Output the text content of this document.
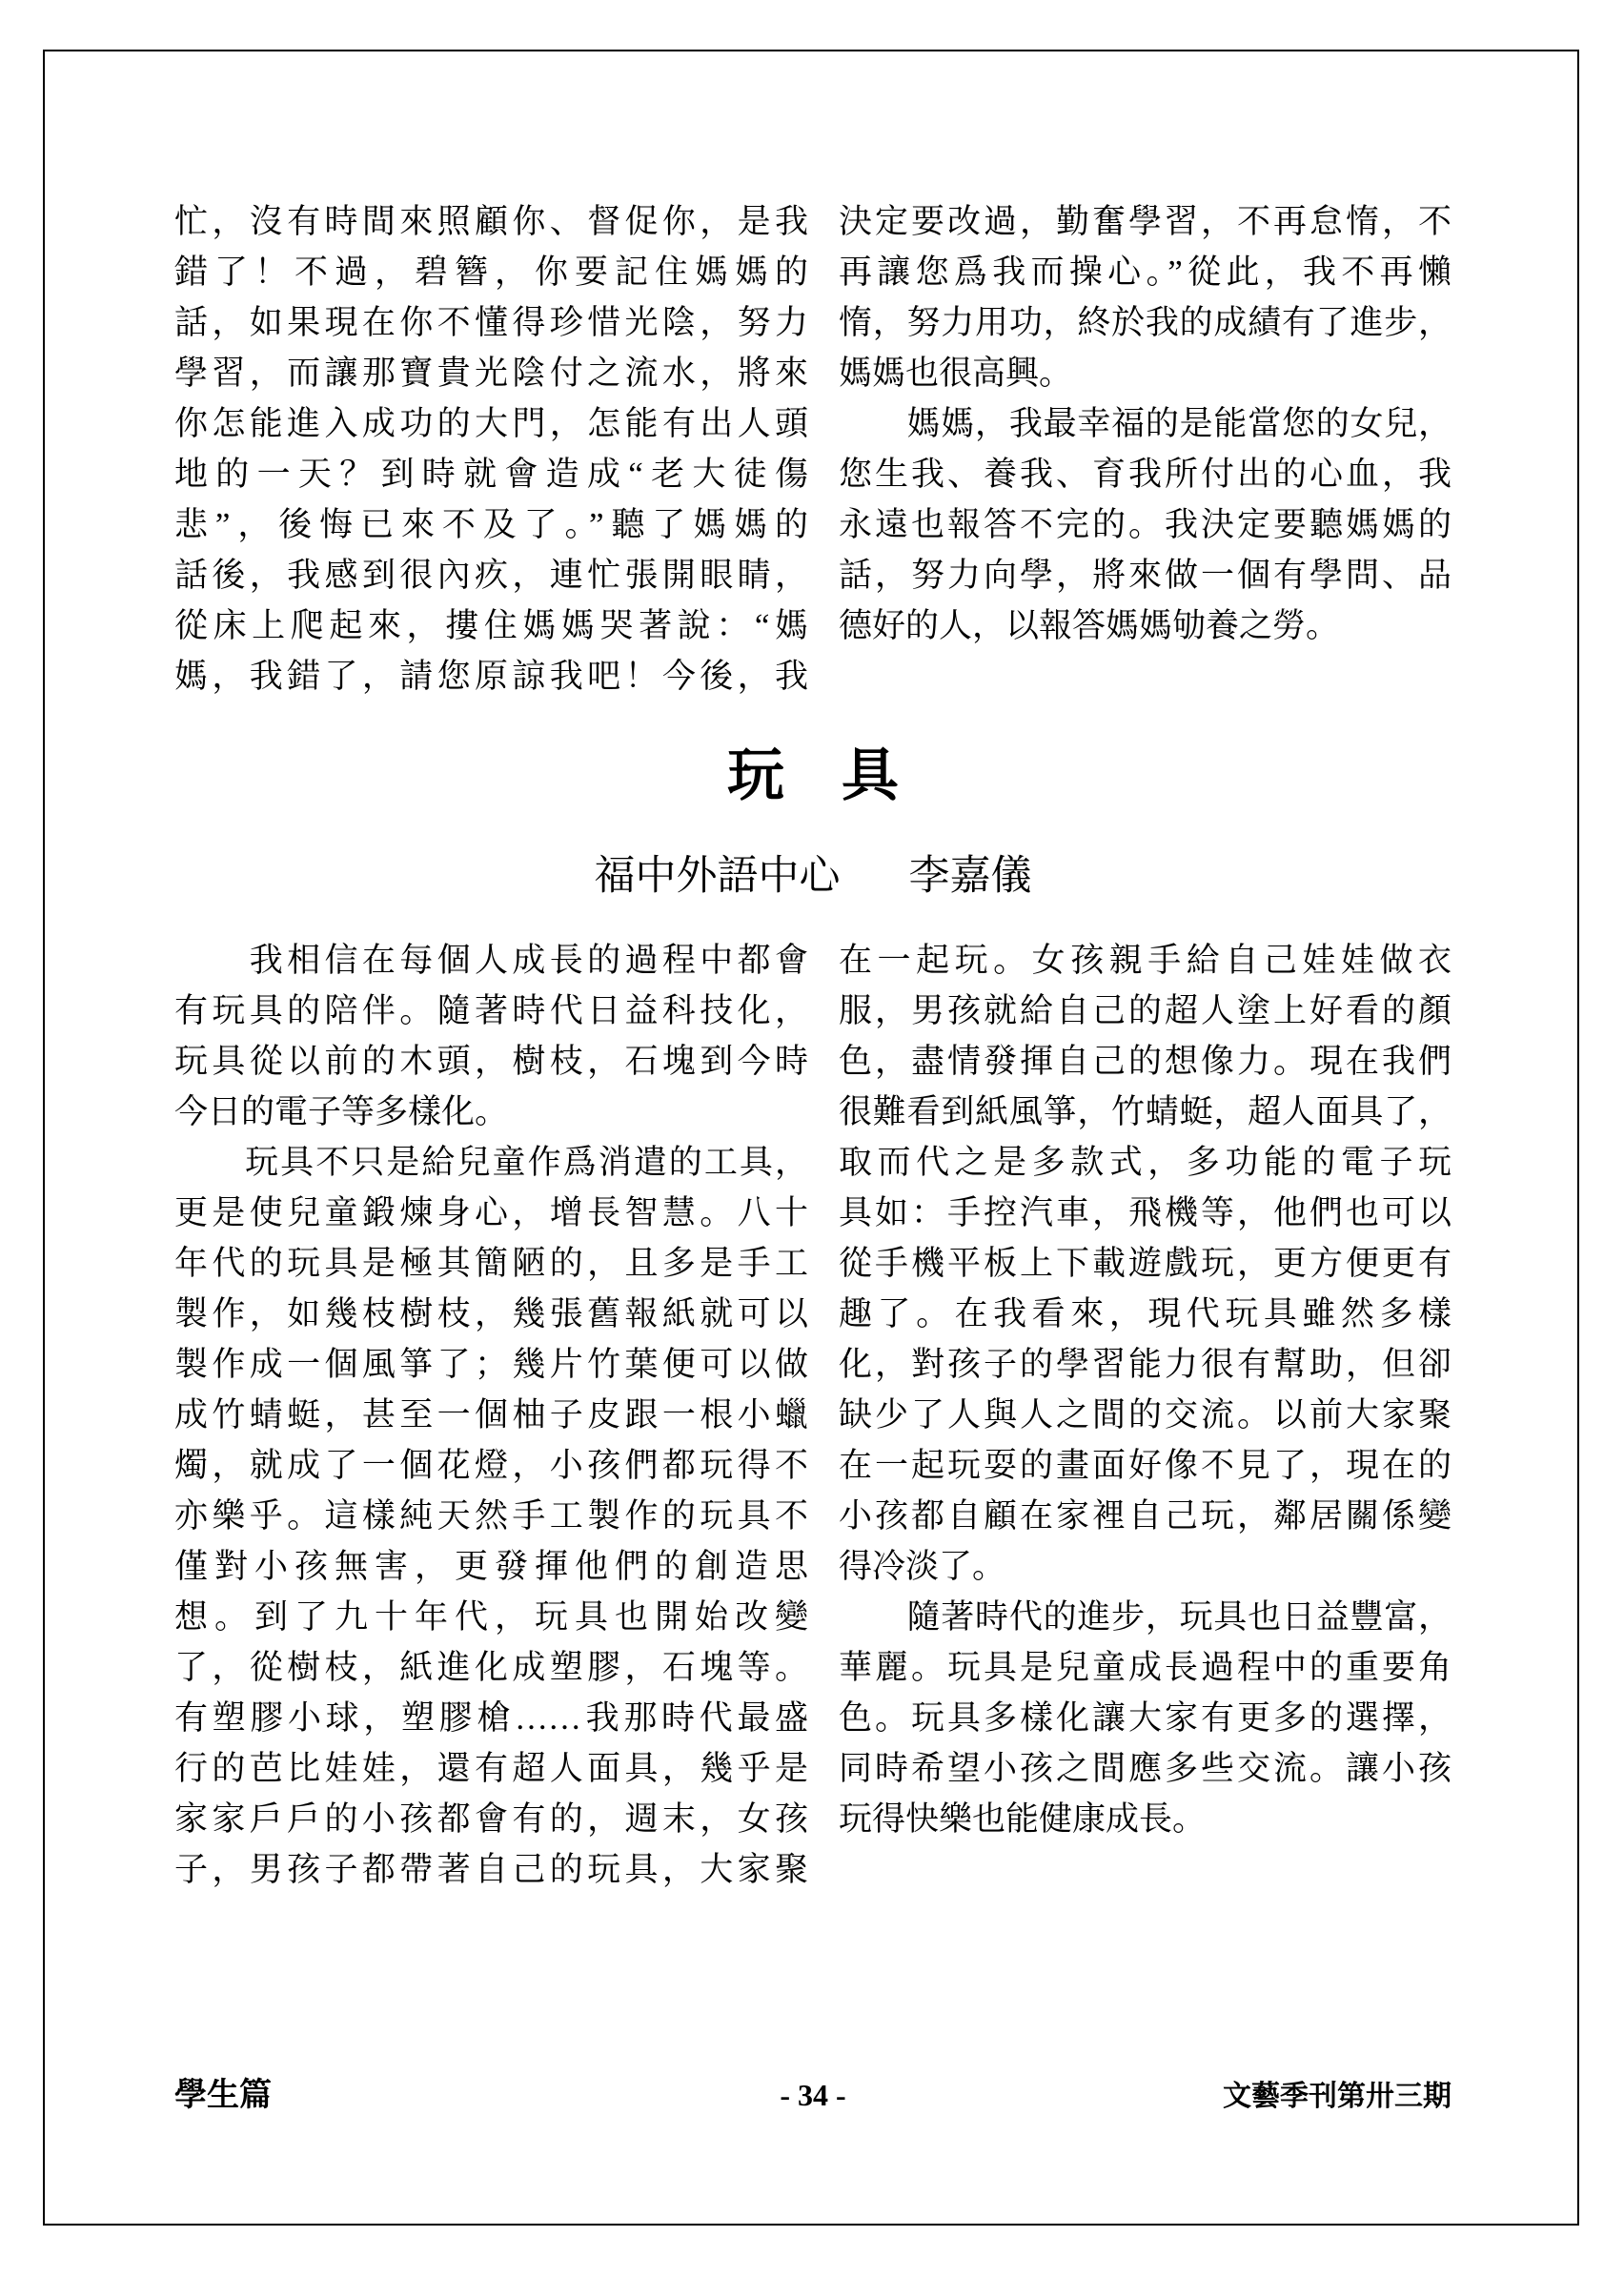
忙，沒有時間來照顧你、督促你，是我
錯了！不過，碧簪，你要記住媽媽的
話，如果現在你不懂得珍惜光陰，努力
學習，而讓那寶貴光陰付之流水，將來
你怎能進入成功的大門，怎能有出人頭
地的一天？到時就會造成“老大徒傷
悲”，後悔已來不及了。”聽了媽媽的
話後，我感到很內疚，連忙張開眼睛，
從床上爬起來，摟住媽媽哭著說：“媽
媽，我錯了，請您原諒我吧！今後，我
決定要改過，勤奮學習，不再怠惰，不
再讓您爲我而操心。”從此，我不再懶
惰，努力用功，終於我的成績有了進步，
媽媽也很高興。
　　媽媽，我最幸福的是能當您的女兒，
您生我、養我、育我所付出的心血，我
永遠也報答不完的。我決定要聽媽媽的
話，努力向學，將來做一個有學問、品
德好的人，以報答媽媽劬養之勞。
玩　具
福中外語中心 李嘉儀
　　我相信在每個人成長的過程中都會
有玩具的陪伴。隨著時代日益科技化，
玩具從以前的木頭，樹枝，石塊到今時
今日的電子等多樣化。
　　玩具不只是給兒童作爲消遣的工具，
更是使兒童鍛煉身心，增長智慧。八十
年代的玩具是極其簡陋的，且多是手工
製作，如幾枝樹枝，幾張舊報紙就可以
製作成一個風箏了；幾片竹葉便可以做
成竹蜻蜓，甚至一個柚子皮跟一根小蠟
燭，就成了一個花燈，小孩們都玩得不
亦樂乎。這樣純天然手工製作的玩具不
僅對小孩無害，更發揮他們的創造思
想。到了九十年代，玩具也開始改變
了，從樹枝，紙進化成塑膠，石塊等。
有塑膠小球，塑膠槍……我那時代最盛
行的芭比娃娃，還有超人面具，幾乎是
家家戶戶的小孩都會有的，週末，女孩
子，男孩子都帶著自己的玩具，大家聚
在一起玩。女孩親手給自己娃娃做衣
服，男孩就給自己的超人塗上好看的顏
色，盡情發揮自己的想像力。現在我們
很難看到紙風箏，竹蜻蜓，超人面具了，
取而代之是多款式，多功能的電子玩
具如：手控汽車，飛機等，他們也可以
從手機平板上下載遊戲玩，更方便更有
趣了。在我看來，現代玩具雖然多樣
化，對孩子的學習能力很有幫助，但卻
缺少了人與人之間的交流。以前大家聚
在一起玩耍的畫面好像不見了，現在的
小孩都自顧在家裡自己玩，鄰居關係變
得冷淡了。
　　隨著時代的進步，玩具也日益豐富，
華麗。玩具是兒童成長過程中的重要角
色。玩具多樣化讓大家有更多的選擇，
同時希望小孩之間應多些交流。讓小孩
玩得快樂也能健康成長。
學生篇	- 34 -	文藝季刊第卅三期
